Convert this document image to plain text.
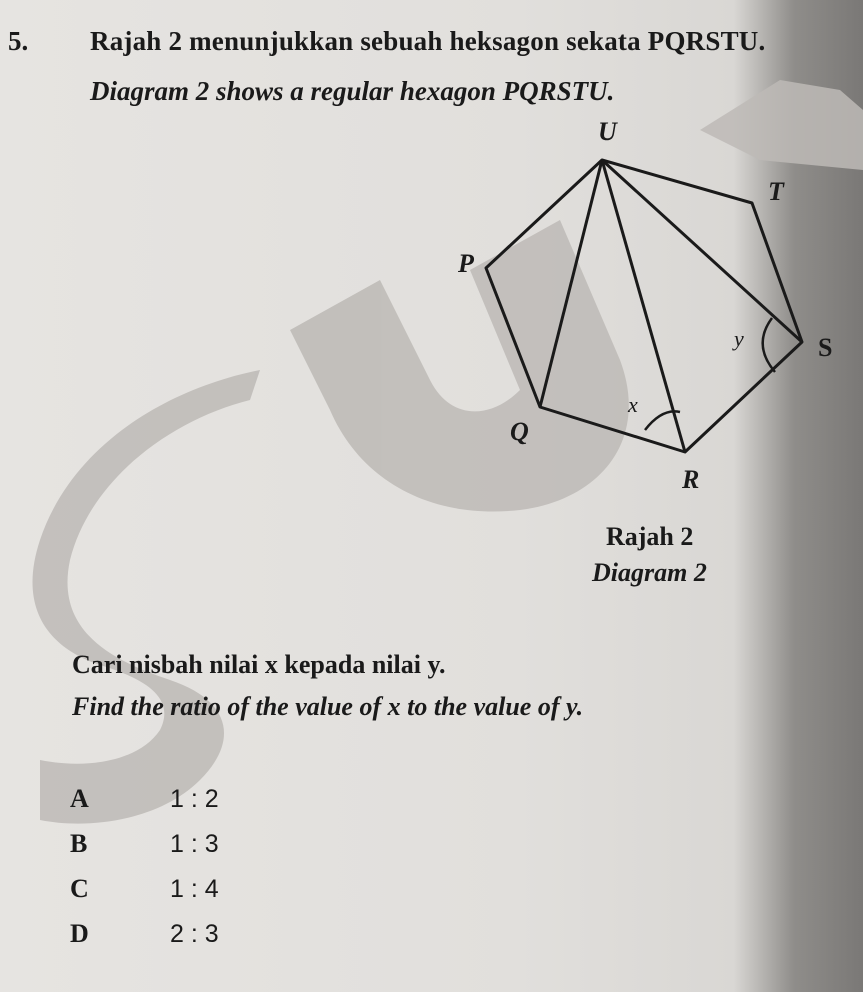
5. Rajah 2 menunjukkan sebuah heksagon sekata PQRSTU.
Diagram 2 shows a regular hexagon PQRSTU.
U
T
P
S
Q
R
x
y
Rajah 2
Diagram 2
Cari nisbah nilai x kepada nilai y.
Find the ratio of the value of x to the value of y.
A	1 : 2
B	1 : 3
C	1 : 4
D	2 : 3
